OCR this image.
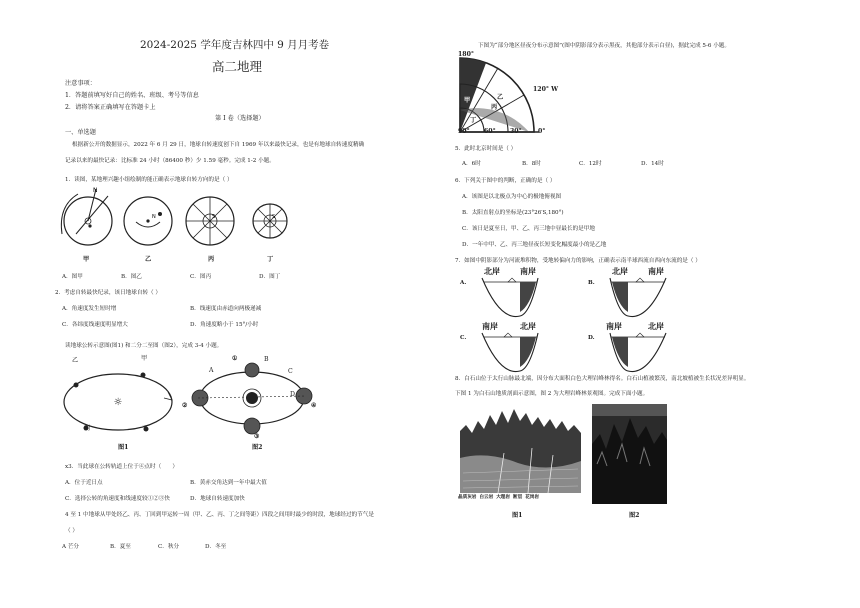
2024-2025 学年度吉林四中 9 月月考卷
高二地理
注意事项：
1．答题前填写好自己的姓名、班级、考号等信息
2．请将答案正确填写在答题卡上
第 I 卷（选择题）
一、单选题
根据新公开的数据显示，2022 年 6 月 29 日，地球自转速度创下自 1969 年以来最快记录，也是有地球自转速度精确
记录以来的最快记录：比标准 24 小时（86400 秒）少 1.59 毫秒。完成 1-2 小题。
1．读图，某地理兴趣小组绘制的能正确表示地球自转方向的是（ ）
N
N	S	S
甲	乙	丙	丁
A．图甲	B．图乙	C．图丙	D．图丁
2．考虑自转最快纪录，该日地球自转（ ）
A．角速度发生短时增	B．线速度由赤道向两极递减
C．各纬度线速度明显增大	D．角速度略小于 15°/小时
读地球公转示意图(图1) 和二分二至图（图2），完成 3-4 小题。
☼
乙	甲
丙	丁
图1
A
B
C
D
①
②
③
④
图2
x3．当此球在公转轨道上位于④点时（　　）
A．位于近日点	B．黄赤交角达到一年中最大值
C．选择公转的角速度和线速度较①②③快	D．地球自转速度加快
4 至 1 中地球从甲处经乙、丙、丁回到甲运转一周（甲、乙、丙、丁之间等距）四段之间用时最少的时段，地球经过的节气是
（ ）
A 芒分	B．夏至	C．秋分	D．冬至
下图为“部分地区昼夜分布示意图”(图中阴影部分表示黑夜，其他部分表示白昼)，据此完成 5-6 小题。
180°
120° W
90° 60° 30°	0°
甲	乙
丙
丁
5．此时北京时间是（ ）
A．6时	B．8时	C．12时	D．14时
6．下列关于图中的判断，正确的是（ ）
A．该图是以北极点为中心的极地俯视图
B．太阳直射点的坐标是(23°26′S,180°)
C．该日是夏至日，甲、乙、丙三地中昼最长的是甲地
D．一年中甲、乙、丙三地昼夜长短变化幅度最小的是乙地
7．如图中阴影部分为河流堆积物，受地转偏向力的影响，正确表示南半球西流自西向东流的是（ ）
A.
北岸	南岸
B.
北岸	南岸
C.
南岸	北岸
D.
南岸	北岸
8．白石山位于太行山脉最北端，因分布大面积白色大理岩峰林得名。白石山植被繁茂，南北坡植被生长状况差异明显。
下图 1 为白石山地质剖面示意图，图 2 为大理岩峰林景观图。完成下面小题。
晶质灰岩 白云岩 大理岩 断层 花岗岩
图1	图2
